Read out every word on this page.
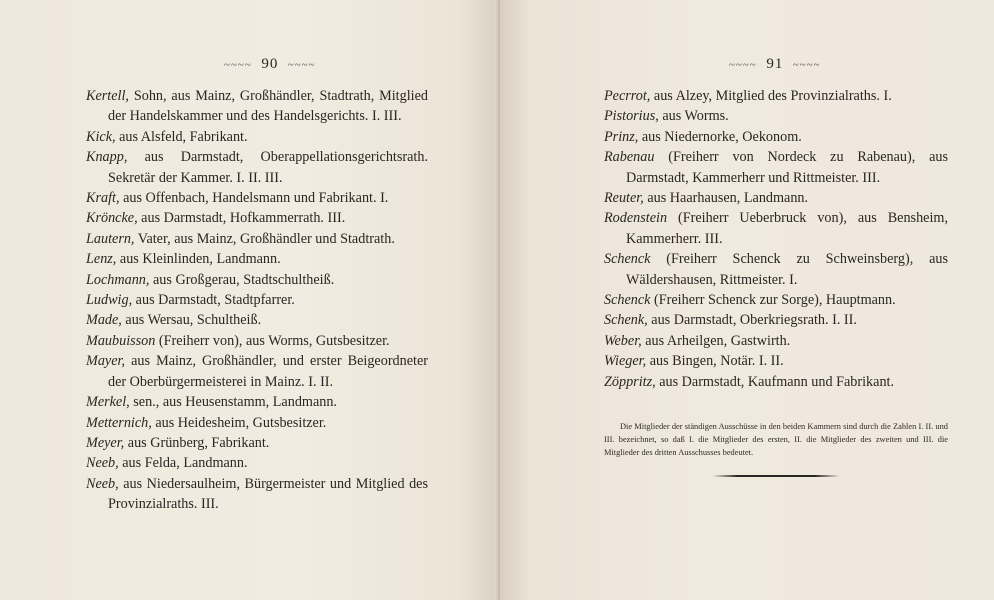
~~~~ 90 ~~~~

Kertell, Sohn, aus Mainz, Großhändler, Stadtrath, Mitglied der Handelskammer und des Handelsgerichts. I. III.

Kick, aus Alsfeld, Fabrikant.

Knapp, aus Darmstadt, Oberappellationsgerichtsrath. Sekretär der Kammer. I. II. III.

Kraft, aus Offenbach, Handelsmann und Fabrikant. I.

Kröncke, aus Darmstadt, Hofkammerrath. III.

Lautern, Vater, aus Mainz, Großhändler und Stadtrath.

Lenz, aus Kleinlinden, Landmann.

Lochmann, aus Großgerau, Stadtschultheiß.

Ludwig, aus Darmstadt, Stadtpfarrer.

Made, aus Wersau, Schultheiß.

Maubuisson (Freiherr von), aus Worms, Gutsbesitzer.

Mayer, aus Mainz, Großhändler, und erster Beigeordneter der Oberbürgermeisterei in Mainz. I. II.

Merkel, sen., aus Heusenstamm, Landmann.

Metternich, aus Heidesheim, Gutsbesitzer.

Meyer, aus Grünberg, Fabrikant.

Neeb, aus Felda, Landmann.

Neeb, aus Niedersaulheim, Bürgermeister und Mitglied des Provinzialraths. III.

~~~~ 91 ~~~~

Pecrrot, aus Alzey, Mitglied des Provinzialraths. I.

Pistorius, aus Worms.

Prinz, aus Niedernorke, Oekonom.

Rabenau (Freiherr von Nordeck zu Rabenau), aus Darmstadt, Kammerherr und Rittmeister. III.

Reuter, aus Haarhausen, Landmann.

Rodenstein (Freiherr Ueberbruck von), aus Bensheim, Kammerherr. III.

Schenck (Freiherr Schenck zu Schweinsberg), aus Wäldershausen, Rittmeister. I.

Schenck (Freiherr Schenck zur Sorge), Hauptmann.

Schenk, aus Darmstadt, Oberkriegsrath. I. II.

Weber, aus Arheilgen, Gastwirth.

Wieger, aus Bingen, Notär. I. II.

Zöppritz, aus Darmstadt, Kaufmann und Fabrikant.

Die Mitglieder der ständigen Ausschüsse in den beiden Kammern sind durch die Zahlen I. II. und III. bezeichnet, so daß I. die Mitglieder des ersten, II. die Mitglieder des zweiten und III. die Mitglieder des dritten Ausschusses bedeutet.
